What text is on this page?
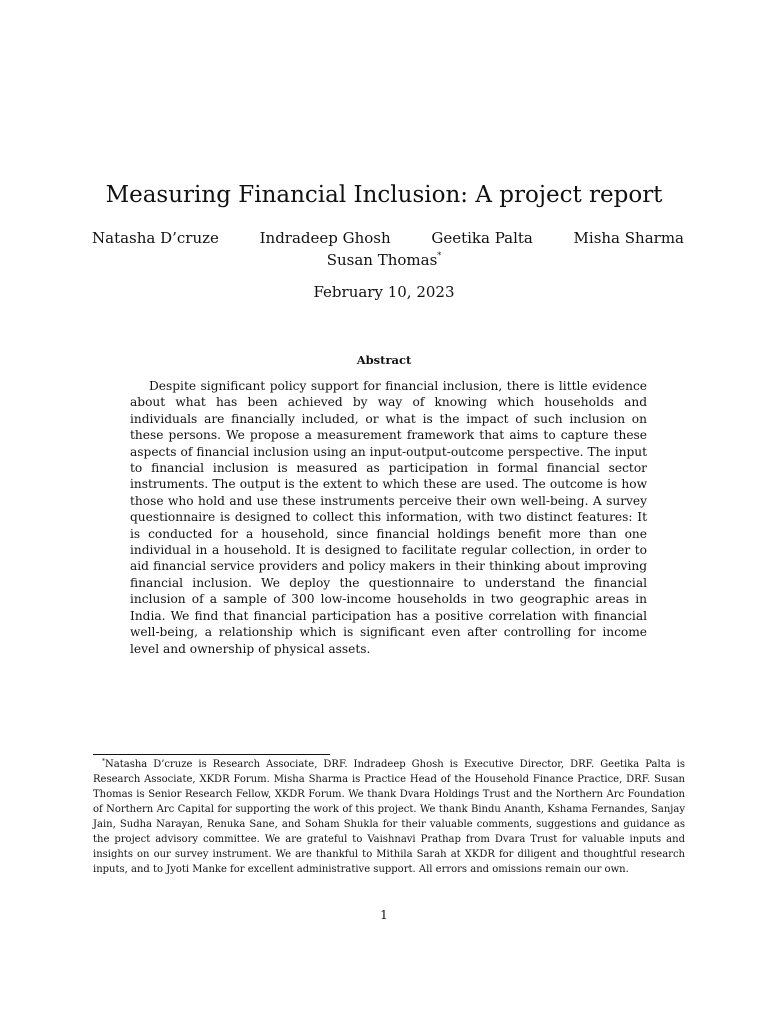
Measuring Financial Inclusion: A project report
Natasha D’cruze	Indradeep Ghosh	Geetika Palta	Misha Sharma
Susan Thomas*
February 10, 2023
Abstract

Despite significant policy support for financial inclusion, there is little evidence about what has been achieved by way of knowing which households and individuals are financially included, or what is the impact of such inclusion on these persons. We propose a measurement framework that aims to capture these aspects of financial inclusion using an input-output-outcome perspective. The input to financial inclusion is measured as participation in formal financial sector instruments. The output is the extent to which these are used. The outcome is how those who hold and use these instruments perceive their own well-being. A survey questionnaire is designed to collect this information, with two distinct features: It is conducted for a household, since financial holdings benefit more than one individual in a household. It is designed to facilitate regular collection, in order to aid financial service providers and policy makers in their thinking about improving financial inclusion. We deploy the questionnaire to understand the financial inclusion of a sample of 300 low-income households in two geographic areas in India. We find that financial participation has a positive correlation with financial well-being, a relationship which is significant even after controlling for income level and ownership of physical assets.

*Natasha D’cruze is Research Associate, DRF. Indradeep Ghosh is Executive Director, DRF. Geetika Palta is Research Associate, XKDR Forum. Misha Sharma is Practice Head of the Household Finance Practice, DRF. Susan Thomas is Senior Research Fellow, XKDR Forum. We thank Dvara Holdings Trust and the Northern Arc Foundation of Northern Arc Capital for supporting the work of this project. We thank Bindu Ananth, Kshama Fernandes, Sanjay Jain, Sudha Narayan, Renuka Sane, and Soham Shukla for their valuable comments, suggestions and guidance as the project advisory committee. We are grateful to Vaishnavi Prathap from Dvara Trust for valuable inputs and insights on our survey instrument. We are thankful to Mithila Sarah at XKDR for diligent and thoughtful research inputs, and to Jyoti Manke for excellent administrative support. All errors and omissions remain our own.

1
